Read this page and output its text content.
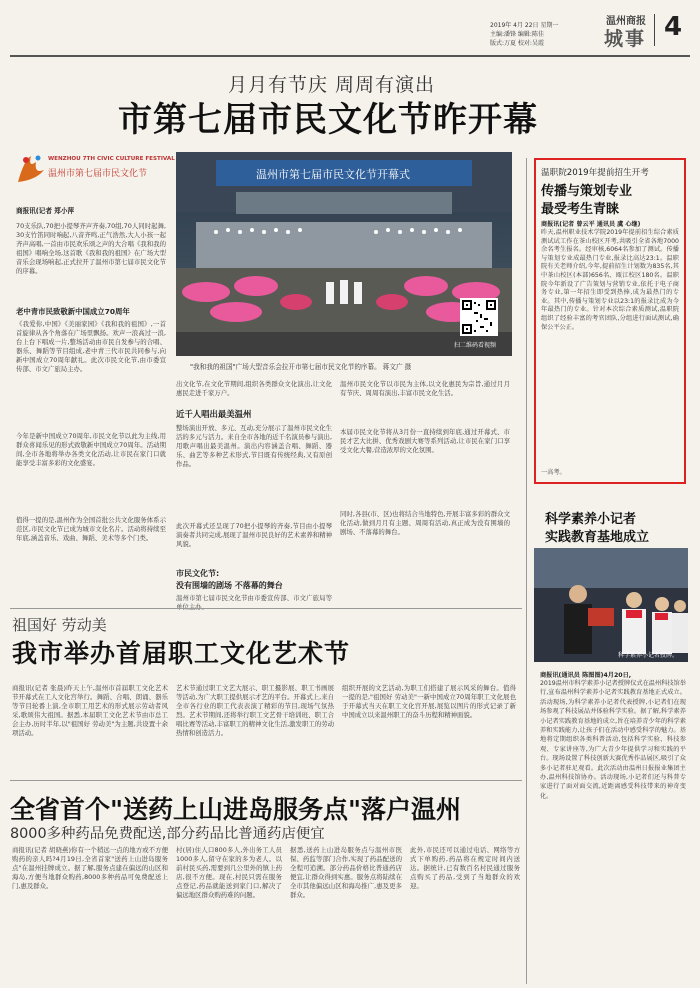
2019年 4月 22日 星期一
主编:潘锋 编辑:陈佳
版式:万夏 校对:吴霞
温州商报
城事 4
月月有节庆 周周有演出
市第七届市民文化节昨开幕
WENZHOU 7TH CIVIC CULTURE FESTIVAL
温州市第七届市民文化节	温州市第七届市民文化节开幕式
扫二维码看视频
"我和我的祖国"广场大型音乐会拉开市第七届市民文化节的序幕。 蒋文广 摄
商报讯(记者 郑小萍
70支乐队,70把小提琴齐声齐奏,70组,70人同时起舞,30支竹笛同时响起,八音齐鸣,正气浩然,大人小孩一起齐声高唱,一首由市民欢乐颂之声的大合唱《我和我的祖国》唱响全场,这首歌《我和我的祖国》在广场大型音乐会现场响起,正式拉开了温州市第七届市民文化节的序幕。
老中青市民致敬新中国成立70周年
《我爱你,中国》《美丽家园》《我和我的祖国》,一首首旋律从各个角落在广场里飘扬。欢声一浪高过一浪,台上台下唱成一片,整场活动由市民自发参与的合唱、器乐、舞蹈等节目组成,老中青三代市民共同参与,向新中国成立70周年献礼。此次市民文化节,由市委宣传部、市文广旅局主办。
今年是新中国成立70周年,市民文化节以此为主线,用群众喜闻乐见的形式致敬新中国成立70周年。活动期间,全市各地将举办各类文化活动,让市民在家门口就能享受丰富多彩的文化盛宴。
值得一提的是,温州作为全国首批公共文化服务体系示范区,市民文化节已成为城市文化名片。活动将持续至年底,涵盖音乐、戏曲、舞蹈、美术等多个门类。
出文化节,在文化节期间,组织各类群众文化演出,让文化惠民走进千家万户。
近千人唱出最美温州
整场演出开放、多元、互动,充分展示了温州市民文化生活的多元与活力。来自全市各地的近千名演员参与演出,用歌声唱出最美温州。演出内容涵盖合唱、舞蹈、器乐、曲艺等多种艺术形式,节目既有传统经典,又有原创作品。
此次开幕式还呈现了70把小提琴的齐奏,节目由小提琴演奏者共同完成,展现了温州市民良好的艺术素养和精神风貌。
市民文化节:
没有围墙的剧场 不落幕的舞台
温州市第七届市民文化节由市委宣传部、市文广旅局等
温州市民文化节以市民为主体,以文化惠民为宗旨,通过月月有节庆、周周有演出,丰富市民文化生活。
本届市民文化节将从3月份一直持续到年底,通过开幕式、市民才艺大比拼、优秀戏剧大赛等系列活动,让市民在家门口享受文化大餐,营造浓厚的文化氛围。
同时,各县(市、区)也将结合当地特色,开展丰富多彩的群众文化活动,做到月月有主题、周周有活动,真正成为没有围墙的剧场、不落幕的舞台。
温职院2019年提前招生开考
传播与策划专业
最受考生青睐
商报讯(记者 曾云平 通讯员 虞 心继)
昨天,温州职业技术学院2019年提前招生综合素质测试试工作在茶山校区开考,共吸引全省各地7000余名考生报名。经审核,6064名参加了测试。传播与策划专业成最热门专业,报录比高达23:1。温职院有关老师介绍,今年,提前招生计划数为835名,其中茶山校区(本部)656名、瓯江校区180名。温职院今年新设了广告策划与营销专业,依托于电子商务专业,第一年招生即受到热捧,成为最热门的专业。其中,传播与策划专业以23:1的报录比成为今年最热门的专业。针对本次综合素质测试,温职院组织了经验丰富的考官团队,分组进行面试测试,确保公平公正。
一高考。
科学素养小记者
实践教育基地成立
科学素养小记者授牌。
商报讯(通讯员 陈图图)4月20日,
2019温州市科学素养小记者授牌仪式在温州科技馆举行,宣布温州科学素养小记者实践教育基地正式成立。活动现场,为科学素养小记者代表授牌,小记者们在现场参观了科技展品并体验科学实验。据了解,科学素养小记者实践教育基地的成立,旨在培养青少年的科学素养和实践能力,让孩子们在活动中感受科学的魅力。基地将定期组织各类科普活动,包括科学实验、科技参观、专家讲座等,为广大青少年提供学习和实践的平台。现场设置了科技创新大赛优秀作品展区,吸引了众多小记者驻足观看。此次活动由温州日报报业集团主办,温州科技馆协办。活动现场,小记者们还与科普专家进行了面对面交流,近距离感受科技带来的神奇变化。
祖国好 劳动美
我市举办首届职工文化艺术节
商报讯(记者 张晨)昨天上午,温州市首届职工文化艺术节开幕式在工人文化宫举行。舞蹈、合唱、朗诵、器乐等节目轮番上演,全市职工用艺术的形式展示劳动者风采,歌颂伟大祖国。据悉,本届职工文化艺术节由市总工会主办,历时半年,以"祖国好 劳动美"为主题,共设置十余项活动。
艺术节通过职工文艺大展示、职工摄影展、职工书画展等活动,为广大职工提供展示才艺的平台。开幕式上,来自全市各行业的职工代表表演了精彩的节目,现场气氛热烈。艺术节期间,还将举行职工文艺骨干培训班、职工合唱比赛等活动,丰富职工的精神文化生活,激发职工的劳动热情和创造活力。
组织开展的文艺活动,为职工们搭建了展示风采的舞台。值得一提的是,"祖国好 劳动美"一新中国成立70周年职工文化展也于开幕式当天在职工文化宫开展,展览以图片的形式记录了新中国成立以来温州职工的奋斗历程和精神面貌。
全省首个"送药上山进岛服务点"落户温州
8000多种药品免费配送,部分药品比普通药店便宜
商报讯(记者 胡晓燕)你有一个稍远一点的地方或不方便购药的亲人吗?4月19日,全省首家"送药上山进岛服务点"在温州挂牌成立。据了解,服务点建在偏远的山区和海岛,方便当地群众购药,8000多种药品可免费配送上门,惠及群众。
村(居)住人口800多人,外出务工人员1000多人,留守在家的多为老人。以前村民买药,需要到几公里外的镇上药店,很不方便。现在,村民只需在服务点登记,药品就能送到家门口,解决了偏远地区群众购药难的问题。
据悉,送药上山进岛服务点与温州市医保、药监等部门合作,实现了药品配送的全程可追溯。部分药品价格比普通药店便宜,让群众得到实惠。服务点将陆续在全市其他偏远山区和海岛推广,惠及更多群众。
此外,市民还可以通过电话、网络等方式下单购药,药品将在规定时间内送达。据统计,已有数百名村民通过服务点购买了药品,受到了当地群众的欢迎。
